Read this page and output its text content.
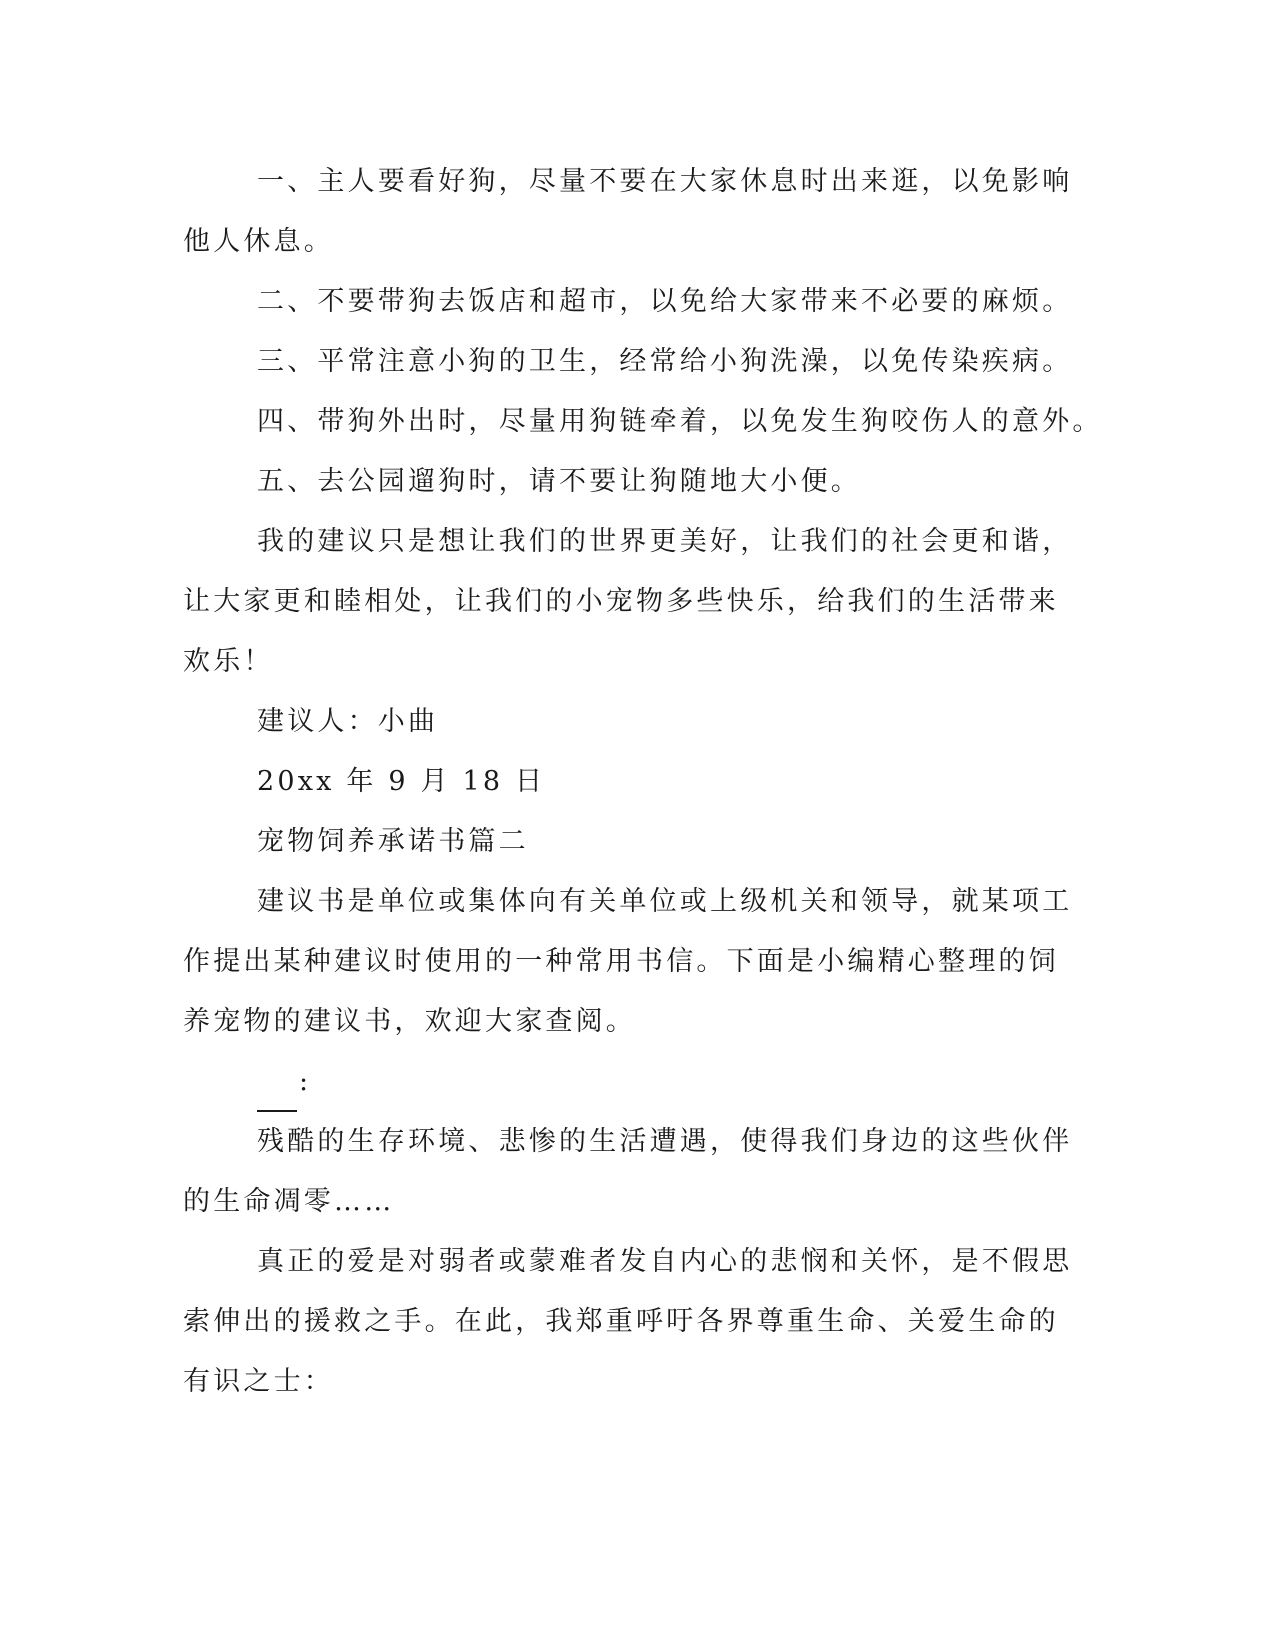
一、主人要看好狗，尽量不要在大家休息时出来逛，以免影响他人休息。

二、不要带狗去饭店和超市，以免给大家带来不必要的麻烦。

三、平常注意小狗的卫生，经常给小狗洗澡，以免传染疾病。

四、带狗外出时，尽量用狗链牵着，以免发生狗咬伤人的意外。

五、去公园遛狗时，请不要让狗随地大小便。

我的建议只是想让我们的世界更美好，让我们的社会更和谐，让大家更和睦相处，让我们的小宠物多些快乐，给我们的生活带来欢乐！

建议人：小曲

20xx 年 9 月 18 日

宠物饲养承诺书篇二

建议书是单位或集体向有关单位或上级机关和领导，就某项工作提出某种建议时使用的一种常用书信。下面是小编精心整理的饲养宠物的建议书，欢迎大家查阅。

:

残酷的生存环境、悲惨的生活遭遇，使得我们身边的这些伙伴的生命凋零……

真正的爱是对弱者或蒙难者发自内心的悲悯和关怀，是不假思索伸出的援救之手。在此，我郑重呼吁各界尊重生命、关爱生命的有识之士：
